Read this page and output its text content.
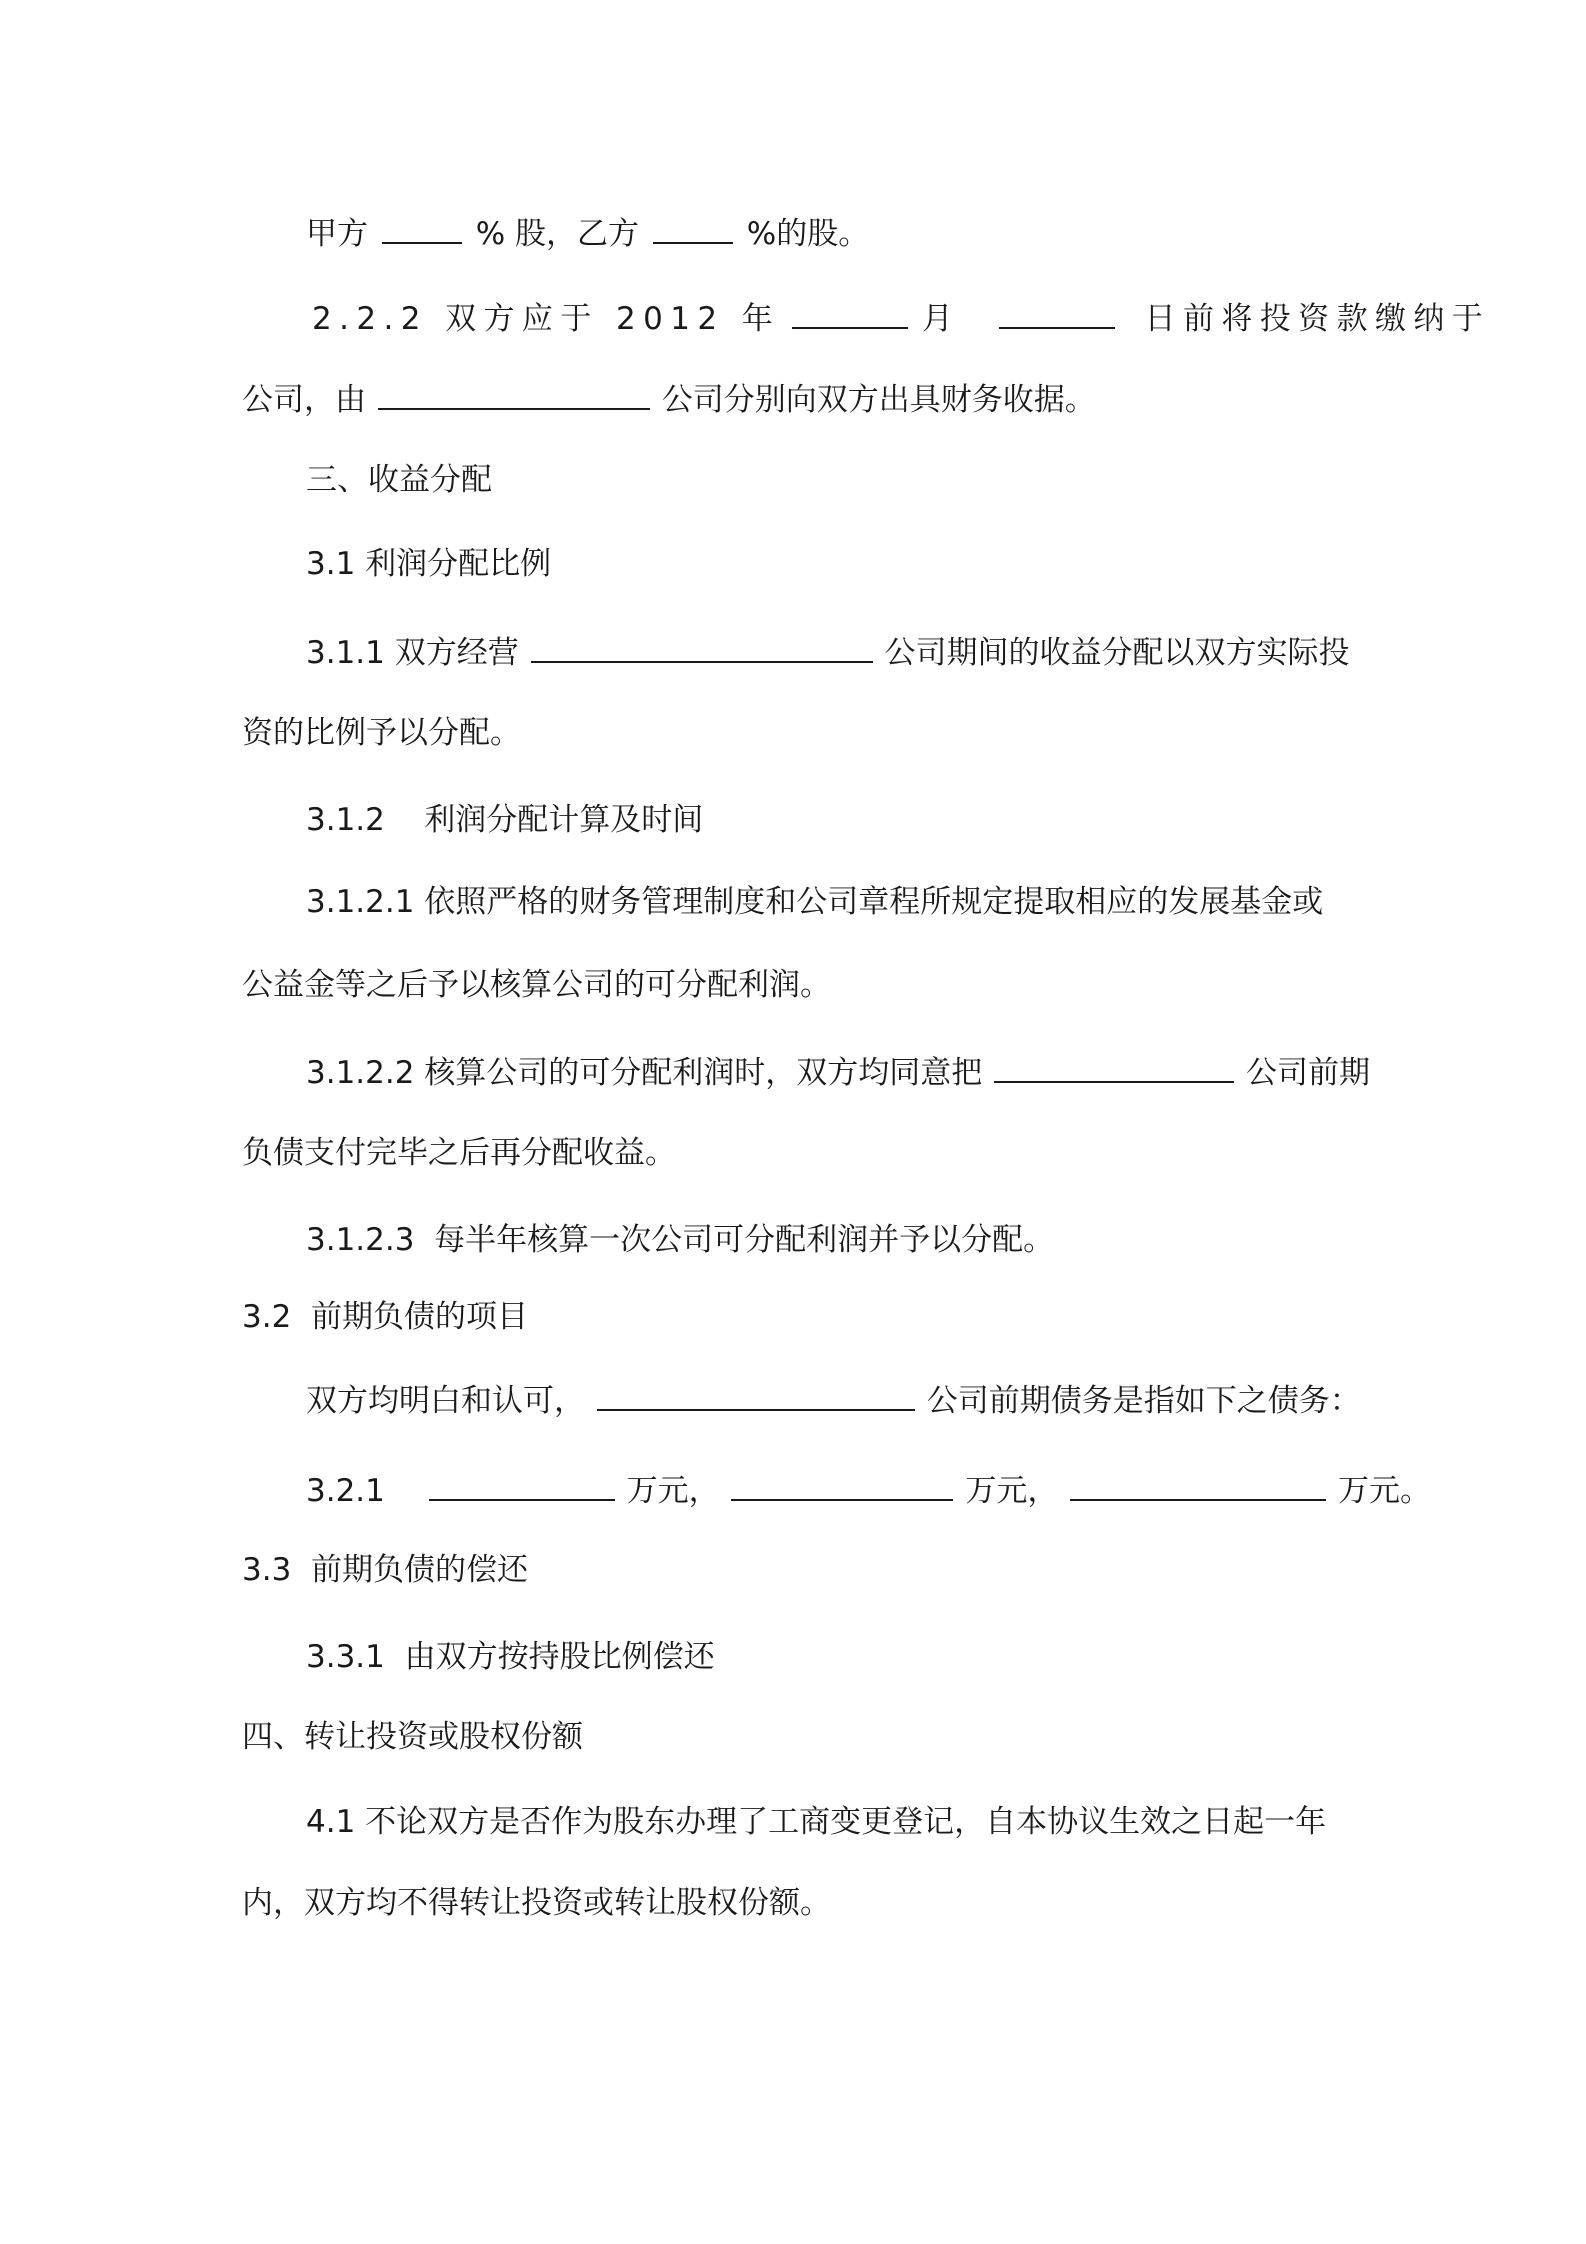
甲方	% 股，乙方	%的股。
2.2.2 双方应于 2012 年	月	日前将投资款缴纳于
公司，由	公司分别向双方出具财务收据。
三、收益分配
3.1 利润分配比例
3.1.1 双方经营	公司期间的收益分配以双方实际投
资的比例予以分配。
3.1.2    利润分配计算及时间
3.1.2.1 依照严格的财务管理制度和公司章程所规定提取相应的发展基金或
公益金等之后予以核算公司的可分配利润。
3.1.2.2 核算公司的可分配利润时，双方均同意把	公司前期
负债支付完毕之后再分配收益。
3.1.2.3  每半年核算一次公司可分配利润并予以分配。
3.2  前期负债的项目
双方均明白和认可，	公司前期债务是指如下之债务：
3.2.1	万元，	万元，	万元。
3.3  前期负债的偿还
3.3.1  由双方按持股比例偿还
四、转让投资或股权份额
4.1 不论双方是否作为股东办理了工商变更登记，自本协议生效之日起一年
内，双方均不得转让投资或转让股权份额。
